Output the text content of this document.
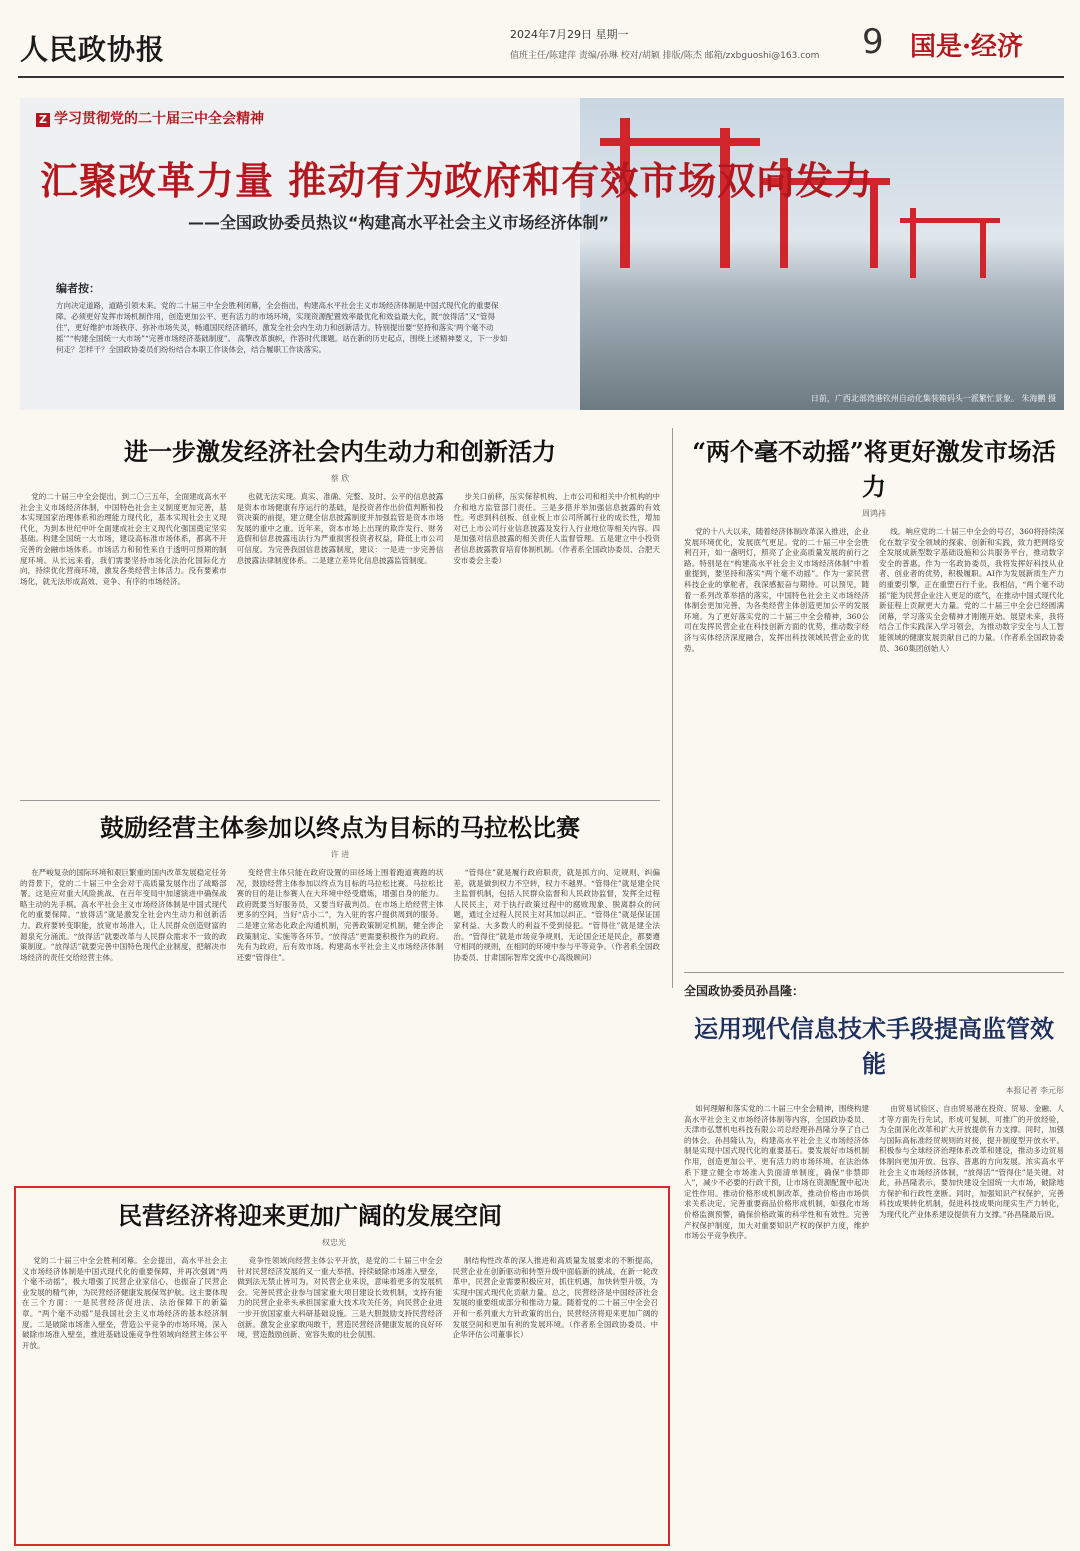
人民政协报	2024年7月29日 星期一
值班主任/陈建萍 责编/孙琳 校对/胡颖 排版/陈杰 邮箱/zxbguoshi@163.com 9 国是·经济
日前，广西北部湾港钦州自动化集装箱码头一派繁忙景象。 朱海鹏 摄
Z 学习贯彻党的二十届三中全会精神
汇聚改革力量 推动有为政府和有效市场双向发力
——全国政协委员热议“构建高水平社会主义市场经济体制”
编者按：

方向决定道路，道路引领未来。党的二十届三中全会胜利闭幕，全会指出，构建高水平社会主义市场经济体制是中国式现代化的重要保障。必须更好发挥市场机制作用，创造更加公平、更有活力的市场环境，实现资源配置效率最优化和效益最大化，既“放得活”又“管得住”，更好维护市场秩序、弥补市场失灵，畅通国民经济循环，激发全社会内生动力和创新活力。特别提出要“坚持和落实‘两个毫不动摇’”“构建全国统一大市场”“完善市场经济基础制度”。 高擎改革旗帜，作答时代课题。站在新的历史起点，围绕上述精神要义，下一步如何走？怎样干？全国政协委员们纷纷结合本职工作谈体会，结合履职工作谈落实。

进一步激发经济社会内生动力和创新活力
蔡 欣

党的二十届三中全会提出，到二〇三五年，全面建成高水平社会主义市场经济体制，中国特色社会主义制度更加完善，基本实现国家治理体系和治理能力现代化，基本实现社会主义现代化，为到本世纪中叶全面建成社会主义现代化强国奠定坚实基础。构建全国统一大市场，建设高标准市场体系，都离不开完善的金融市场体系。市场活力和韧性来自于透明可预期的制度环境。从长远来看，我们需要坚持市场化法治化国际化方向，持续优化营商环境，激发各类经营主体活力。没有要素市场化，就无法形成高效、竞争、有序的市场经济。

也就无法实现。真实、准确、完整、及时、公平的信息披露是资本市场健康有序运行的基础，是投资者作出价值判断和投资决策的前提，建立健全信息披露制度并加强监管是资本市场发展的重中之重。近年来，资本市场上出现的欺诈发行、财务造假和信息披露违法行为严重损害投资者权益，降低上市公司可信度。为完善我国信息披露制度，建议：一是进一步完善信息披露法律制度体系。二是建立差异化信息披露监管制度。

步关口前移，压实保荐机构、上市公司和相关中介机构的中介和地方监管部门责任。三是多措并举加强信息披露的有效性。考虑到科创板、创业板上市公司所属行业的成长性，增加对已上市公司行业信息披露及发行人行业地位等相关内容。四是加强对信息披露的相关责任人监督管理。五是建立中小投资者信息披露教育培育体制机制。（作者系全国政协委员、合肥天安市委会主委）

“两个毫不动摇”将更好激发市场活力
周鸿祎

党的十八大以来，随着经济体制改革深入推进，企业发展环境优化，发展底气更足。党的二十届三中全会胜利召开，如一盏明灯，照亮了企业高质量发展的前行之路。特别是在“构建高水平社会主义市场经济体制”中着重提到，要坚持和落实“两个毫不动摇”。作为一家民营科技企业的掌舵者，我深感振奋与期待。可以预见，随着一系列改革举措的落实，中国特色社会主义市场经济体制会更加完善，为各类经营主体创造更加公平的发展环境。为了更好落实党的二十届三中全会精神，360公司在发挥民营企业在科技创新方面的优势，推动数字经济与实体经济深度融合，发挥出科技领域民营企业的优势。

线。响应党的二十届三中全会的号召，360将持续深化在数字安全领域的探索、创新和实践，致力把网络安全发展成新型数字基础设施和公共服务平台，推动数字安全的普惠。作为一名政协委员，我将发挥好科技从业者、创业者的优势，积极履职。AI作为发展新质生产力的重要引擎，正在重塑百行千业。我相信，“两个毫不动摇”能为民营企业注入更足的底气，在推动中国式现代化新征程上贡献更大力量。党的二十届三中全会已经圆满闭幕，学习落实全会精神才刚刚开始。展望未来，我将结合工作实践深入学习领会，为推动数字安全与人工智能领域的健康发展贡献自己的力量。（作者系全国政协委员、360集团创始人）

鼓励经营主体参加以终点为目标的马拉松比赛
许 进

在严峻复杂的国际环境和艰巨繁重的国内改革发展稳定任务的背景下，党的二十届三中全会对于高质量发展作出了战略部署。这是应对重大风险挑战、在百年变局中加速演进中确保战略主动的先手棋。高水平社会主义市场经济体制是中国式现代化的重要保障。“放得活”就是激发全社会内生动力和创新活力。政府要转变职能，放宽市场准入，让人民群众创造财富的源泉充分涌流。“放得活”就要改革与人民群众需求不一致的政策制度。“放得活”就要完善中国特色现代企业制度，把解决市场经济的责任交给经营主体。

变经营主体只能在政府设置的田径场上围着跑道赛跑的状况，鼓励经营主体参加以终点为目标的马拉松比赛。马拉松比赛的目的是让参赛人在大环境中经受磨炼，增强自身的能力。政府既要当好服务员，又要当好裁判员。在市场上给经营主体更多的空间，当好“店小二”，为入驻的客户提供周到的服务。二是建立常态化政企沟通机制，完善政策制定机制，健全涉企政策制定、实施等各环节。“放得活”更需要积极作为的政府。先有为政府，后有效市场。构建高水平社会主义市场经济体制还要“管得住”。

“管得住”就是履行政府职责，就是抓方向、定规则、纠偏差，就是做到权力不空转，权力不越界。“管得住”就是建全民主监督机制，包括人民群众监督和人民政协监督，发挥全过程人民民主，对于执行政策过程中的腐败现象、脱离群众的问题，通过全过程人民民主对其加以纠正。“管得住”就是保证国家利益、大多数人的利益不受到侵犯。“管得住”就是建全法治。“管得住”就是市场竞争规则，无论国企还是民企，都要遵守相同的规则，在相同的环境中参与平等竞争。（作者系全国政协委员、甘肃国际智库交流中心高级顾问）

全国政协委员孙昌隆：
运用现代信息技术手段提高监管效能
本报记者 李元彤

如何理解和落实党的二十届三中全会精神，围绕构建高水平社会主义市场经济体制等内容，全国政协委员、天津市弘慧机电科技有限公司总经理孙昌隆分享了自己的体会。孙昌隆认为，构建高水平社会主义市场经济体制是实现中国式现代化的重要基石。要发展好市场机制作用，创造更加公平、更有活力的市场环境。在法治体系下建立健全市场准入负面清单制度，确保“非禁即入”，减少不必要的行政干预，让市场在资源配置中起决定性作用。推动价格形成机制改革，推动价格由市场供求关系决定。完善重要商品价格形成机制，如强化市场价格监测预警，确保价格政策的科学性和有效性。完善产权保护制度，加大对重要知识产权的保护力度，维护市场公平竞争秩序。

由贸易试验区、自由贸易港在投资、贸易、金融、人才等方面先行先试，形成可复制、可推广的开放经验，为全面深化改革和扩大开放提供有力支撑。同时，加强与国际高标准经贸规则的对接，提升制度型开放水平。积极参与全球经济治理体系改革和建设，推动多边贸易体制向更加开放、包容、普惠的方向发展。浓实高水平社会主义市场经济体制，“放得活”“管得住”是关键。对此，孙昌隆表示，要加快建设全国统一大市场，破除地方保护和行政性垄断。同时，加强知识产权保护，完善科技成果转化机制，促进科技成果向现实生产力转化，为现代化产业体系建设提供有力支撑。”孙昌隆最后说。

民营经济将迎来更加广阔的发展空间
权忠光

党的二十届三中全会胜利闭幕。全会提出，高水平社会主义市场经济体制是中国式现代化的重要保障，并再次强调“两个毫不动摇”，极大增强了民营企业家信心，也振奋了民营企业发展的精气神，为民营经济健康发展保驾护航。这主要体现在三个方面：一是民营经济促进法、法治保障下的新篇章。“两个毫不动摇”是我国社会主义市场经济的基本经济制度。二是破除市场准入壁垒，营造公平竞争的市场环境。深入破除市场准入壁垒，推进基础设施竞争性领域向经营主体公平开放。

竞争性领域向经营主体公平开放，是党的二十届三中全会针对民营经济发展的又一重大举措。持续破除市场准入壁垒，做到法无禁止皆可为，对民营企业来说，意味着更多的发展机会。完善民营企业参与国家重大项目建设长效机制，支持有能力的民营企业牵头承担国家重大技术攻关任务，向民营企业进一步开放国家重大科研基础设施。三是大胆鼓励支持民营经济创新。激发企业家敢闯敢干，营造民营经济健康发展的良好环境，营造鼓励创新、宽容失败的社会氛围。

制结构性改革的深入推进和高质量发展要求的不断提高，民营企业在创新驱动和转型升级中面临新的挑战。在新一轮改革中，民营企业需要积极应对，抓住机遇，加快转型升级，为实现中国式现代化贡献力量。总之，民营经济是中国经济社会发展的重要组成部分和推动力量。随着党的二十届三中全会召开和一系列重大方针政策的出台，民营经济将迎来更加广阔的发展空间和更加有利的发展环境。（作者系全国政协委员、中企华评估公司董事长）
